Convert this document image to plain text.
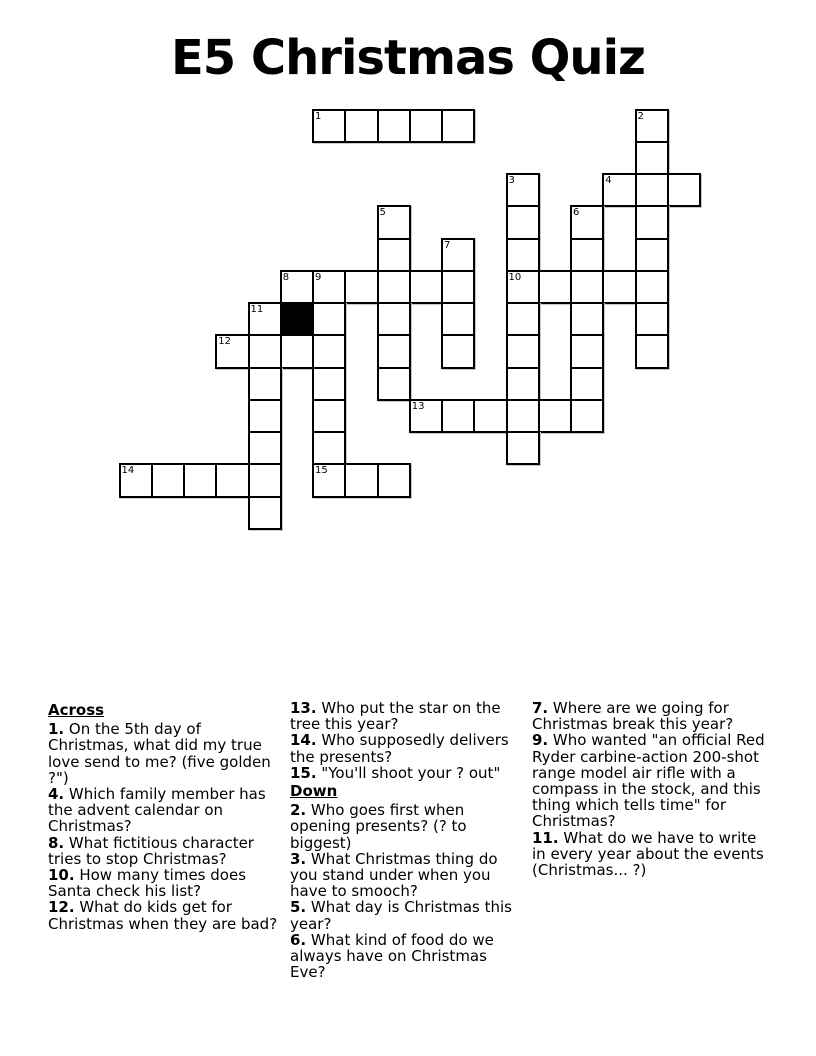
E5 Christmas Quiz
1	2
3	4
5	6
7
8	9	10
11
12
13
14	15
Across
1. On the 5th day of Christmas, what did my true love send to me? (five golden ?")
4. Which family member has the advent calendar on Christmas?
8. What fictitious character tries to stop Christmas?
10. How many times does Santa check his list?
12. What do kids get for Christmas when they are bad?
13. Who put the star on the tree this year?
14. Who supposedly delivers the presents?
15. "You'll shoot your ? out"
Down
2. Who goes first when opening presents? (? to biggest)
3. What Christmas thing do you stand under when you have to smooch?
5. What day is Christmas this year?
6. What kind of food do we always have on Christmas Eve?
7. Where are we going for Christmas break this year?
9. Who wanted "an official Red Ryder carbine-action 200-shot range model air rifle with a compass in the stock, and this thing which tells time" for Christmas?
11. What do we have to write in every year about the events (Christmas... ?)
